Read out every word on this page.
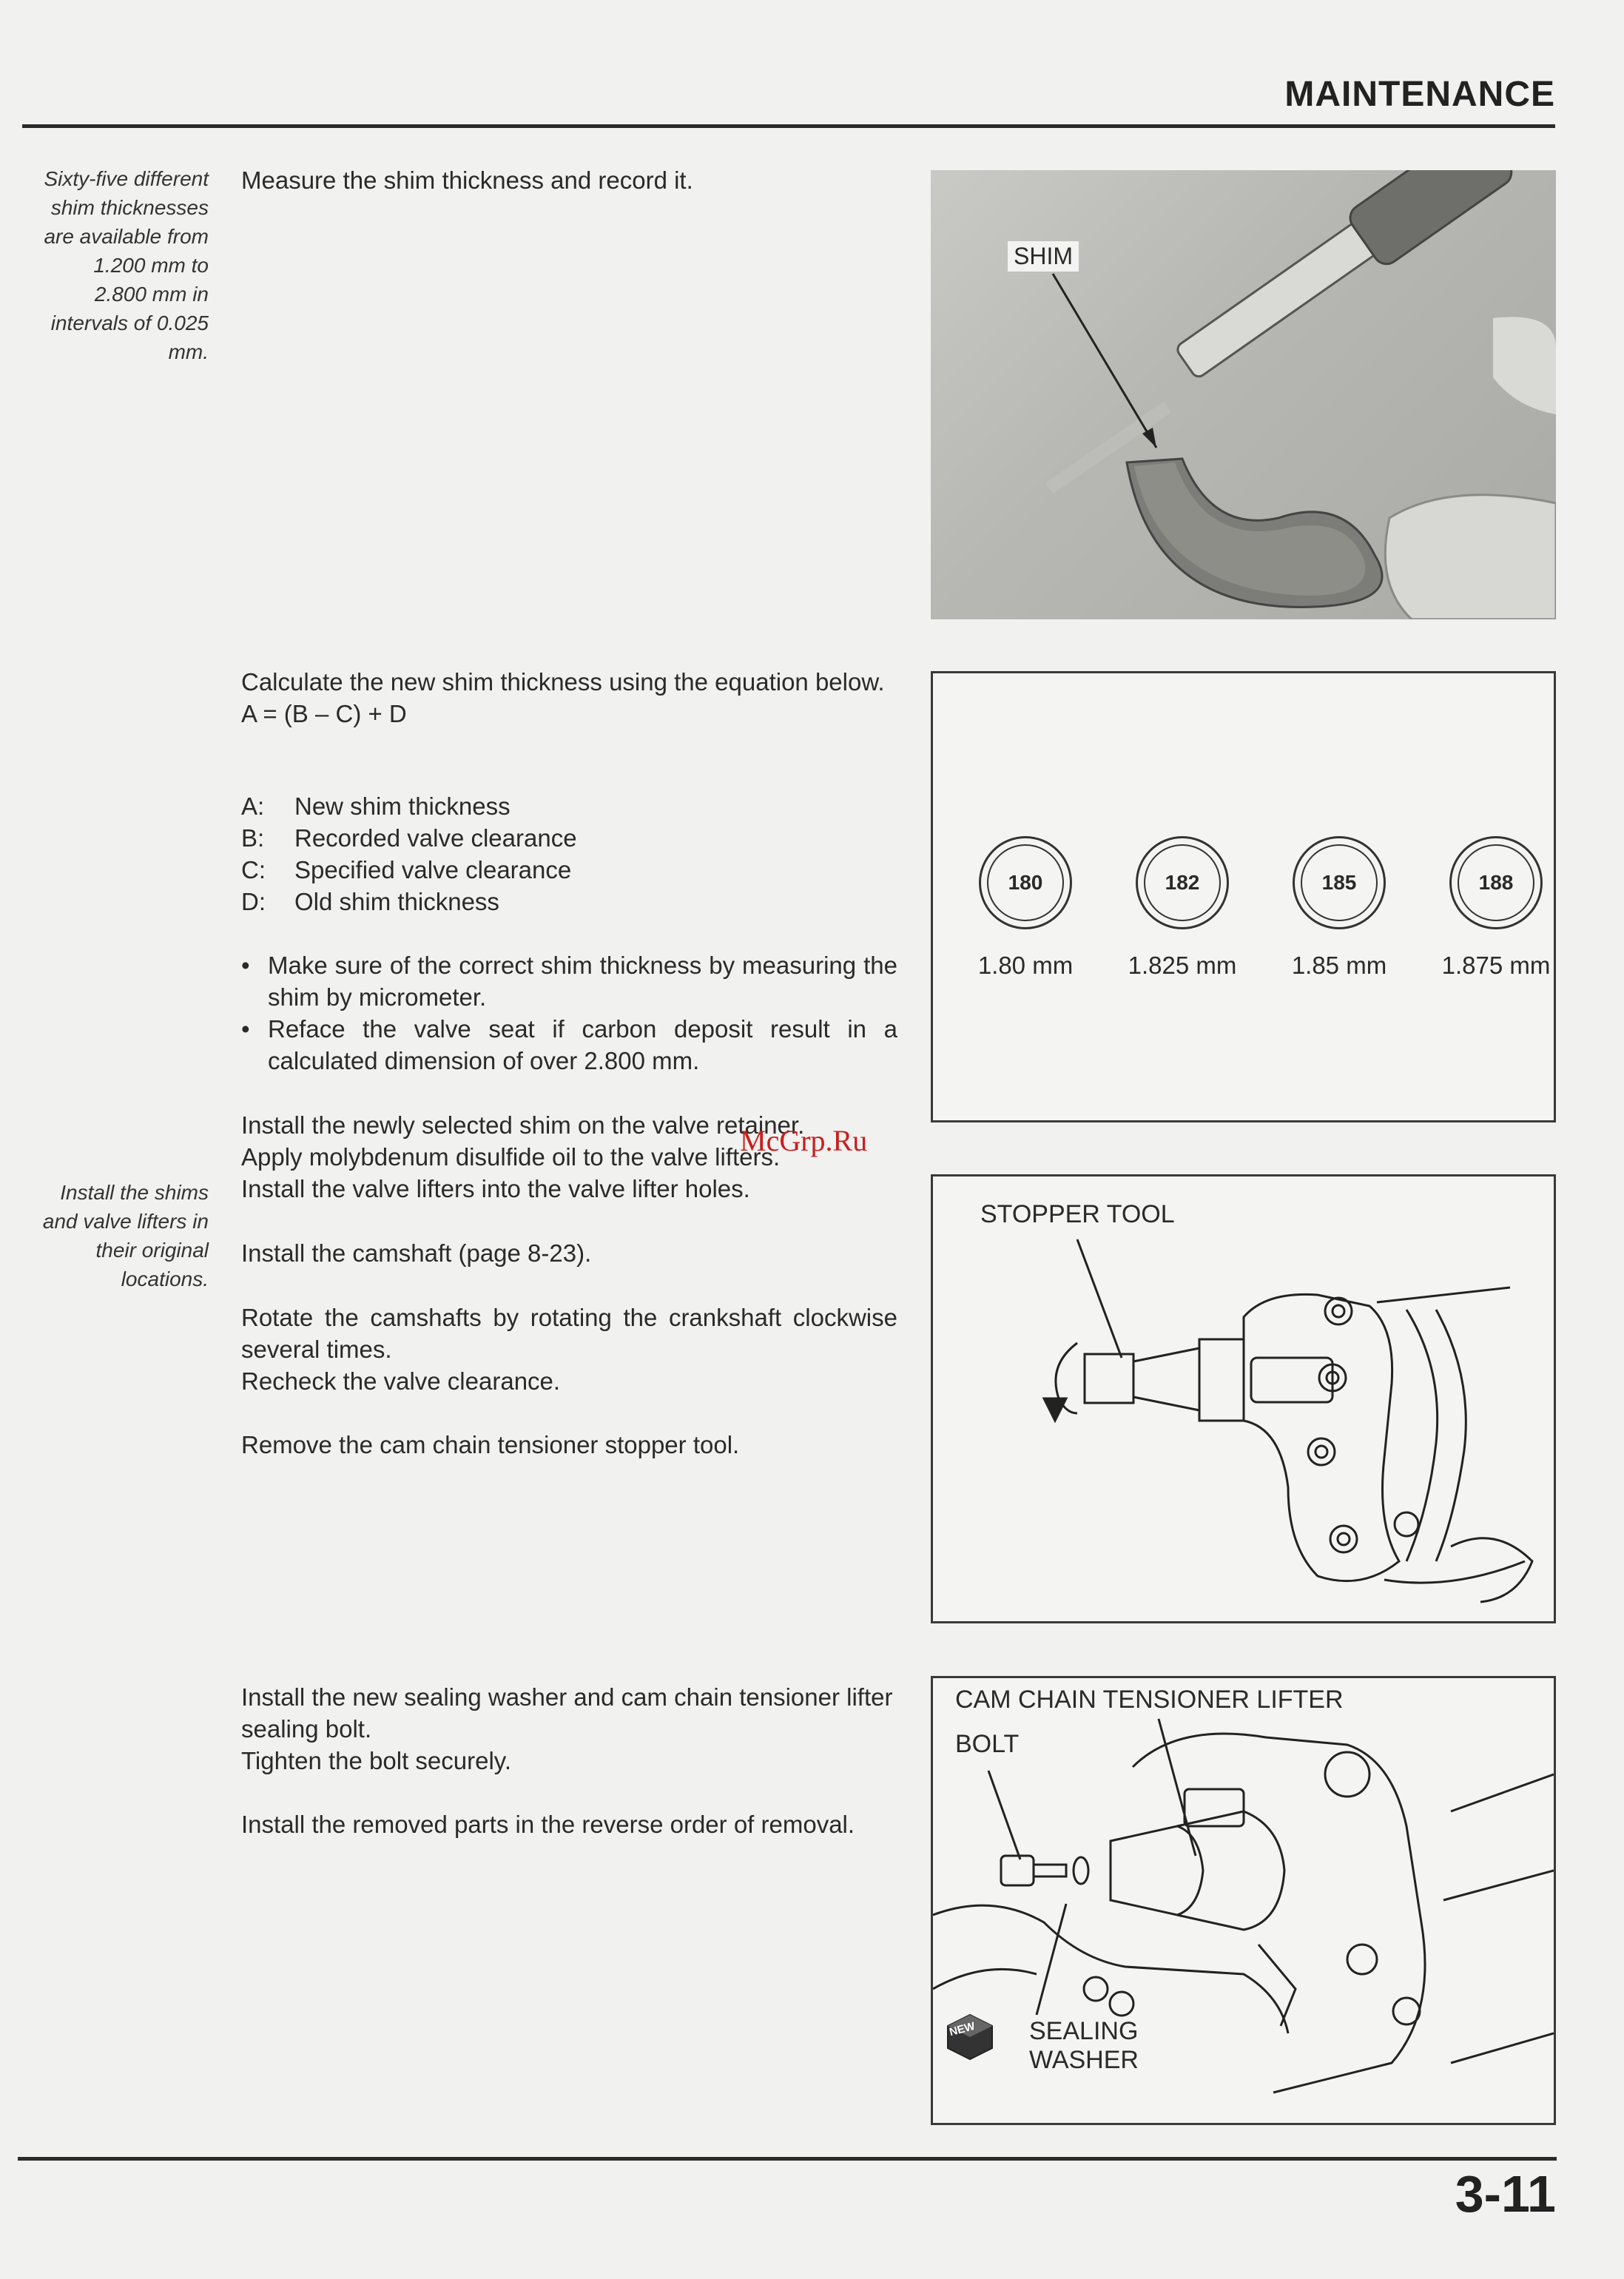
MAINTENANCE
Sixty-five different
shim thicknesses
are available from
1.200 mm to
2.800 mm in
intervals of 0.025
mm.
Install the shims
and valve lifters in
their original
locations.

Measure the shim thickness and record it.

Calculate the new shim thickness using the equation below.

A = (B – C) + D

A:	New shim thickness
B:	Recorded valve clearance
C:	Specified valve clearance
D:	Old shim thickness
• Make sure of the correct shim thickness by measuring the shim by micrometer.
• Reface the valve seat if carbon deposit result in a calculated dimension of over 2.800 mm.

Install the newly selected shim on the valve retainer.

Apply molybdenum disulfide oil to the valve lifters.

Install the valve lifters into the valve lifter holes.

Install the camshaft (page 8-23).

Rotate the camshafts by rotating the crankshaft clockwise several times.

Recheck the valve clearance.

Remove the cam chain tensioner stopper tool.

Install the new sealing washer and cam chain tensioner lifter sealing bolt.

Tighten the bolt securely.

Install the removed parts in the reverse order of removal.

SHIM
180
1.80 mm
182
1.825 mm
185
1.85 mm
188
1.875 mm
STOPPER TOOL
CAM CHAIN TENSIONER LIFTER
BOLT
SEALING
WASHER
NEW
McGrp.Ru
3-11
